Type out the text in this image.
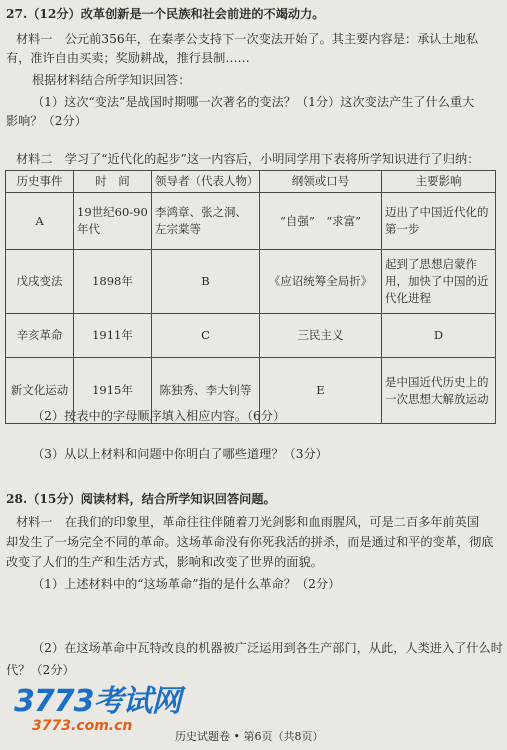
27.（12分）改革创新是一个民族和社会前进的不竭动力。
材料一　公元前356年，在秦孝公支持下一次变法开始了。其主要内容是：承认土地私
有，准许自由买卖；奖励耕战，推行县制……
根据材料结合所学知识回答：
（1）这次“变法”是战国时期哪一次著名的变法？（1分）这次变法产生了什么重大
影响？（2分）
材料二　学习了“近代化的起步”这一内容后，小明同学用下表将所学知识进行了归纳：
历史事件	时　间	领导者（代表人物）	纲领或口号	主要影响
A	19世纪60-90年代	李鸿章、张之洞、左宗棠等	“自强”　“求富”	迈出了中国近代化的第一步
戊戌变法	1898年	B	《应诏统筹全局折》	起到了思想启蒙作用，加快了中国的近代化进程
辛亥革命	1911年	C	三民主义	D
新文化运动	1915年	陈独秀、李大钊等	E	是中国近代历史上的一次思想大解放运动
（2）按表中的字母顺序填入相应内容。（6分）
（3）从以上材料和问题中你明白了哪些道理？（3分）
28.（15分）阅读材料，结合所学知识回答问题。
材料一　在我们的印象里，革命往往伴随着刀光剑影和血雨腥风，可是二百多年前英国
却发生了一场完全不同的革命。这场革命没有你死我活的拼杀，而是通过和平的变革，彻底
改变了人们的生产和生活方式，影响和改变了世界的面貌。
（1）上述材料中的“这场革命”指的是什么革命？（2分）
（2）在这场革命中瓦特改良的机器被广泛运用到各生产部门，从此，人类进入了什么时
代？（2分）
3773考试网
3773.com.cn
历史试题卷 • 第6页（共8页）
